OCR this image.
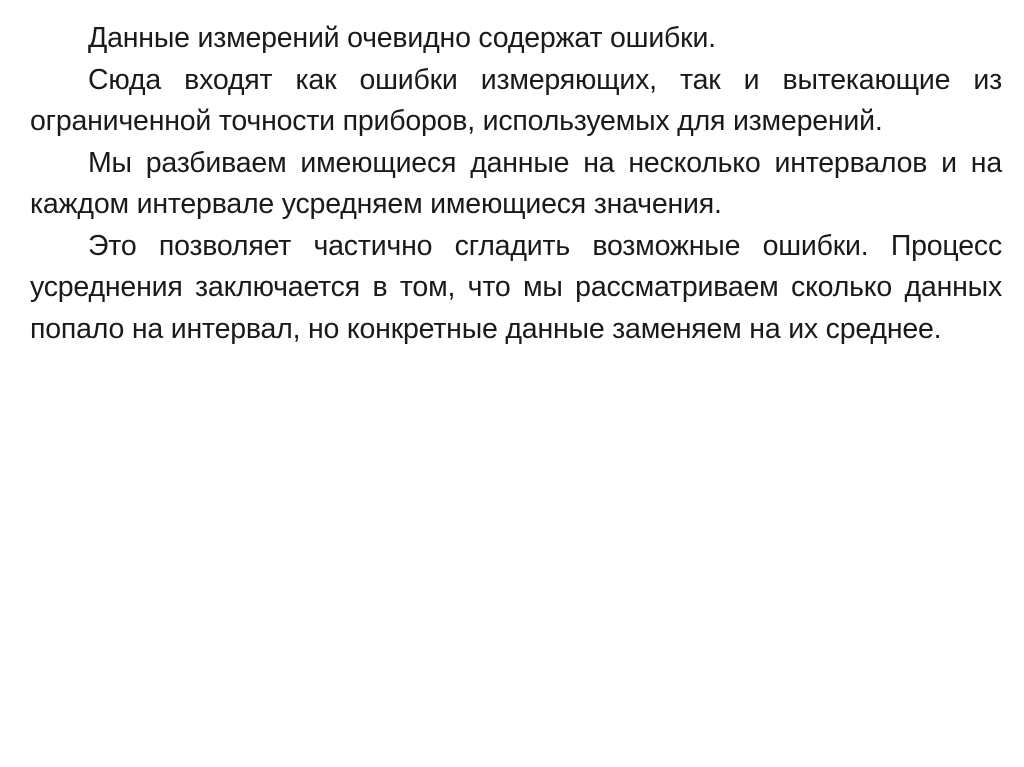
Данные измерений очевидно содержат ошибки.

Сюда входят как ошибки измеряющих, так и вытекающие из ограниченной точности приборов, используемых для измерений.

Мы разбиваем имеющиеся данные на несколько интервалов и на каждом интервале усредняем имеющиеся значения.

Это позволяет частично сгладить возможные ошибки. Процесс усреднения заключается в том, что мы рассматриваем сколько данных попало на интервал, но конкретные данные заменяем на их среднее.
